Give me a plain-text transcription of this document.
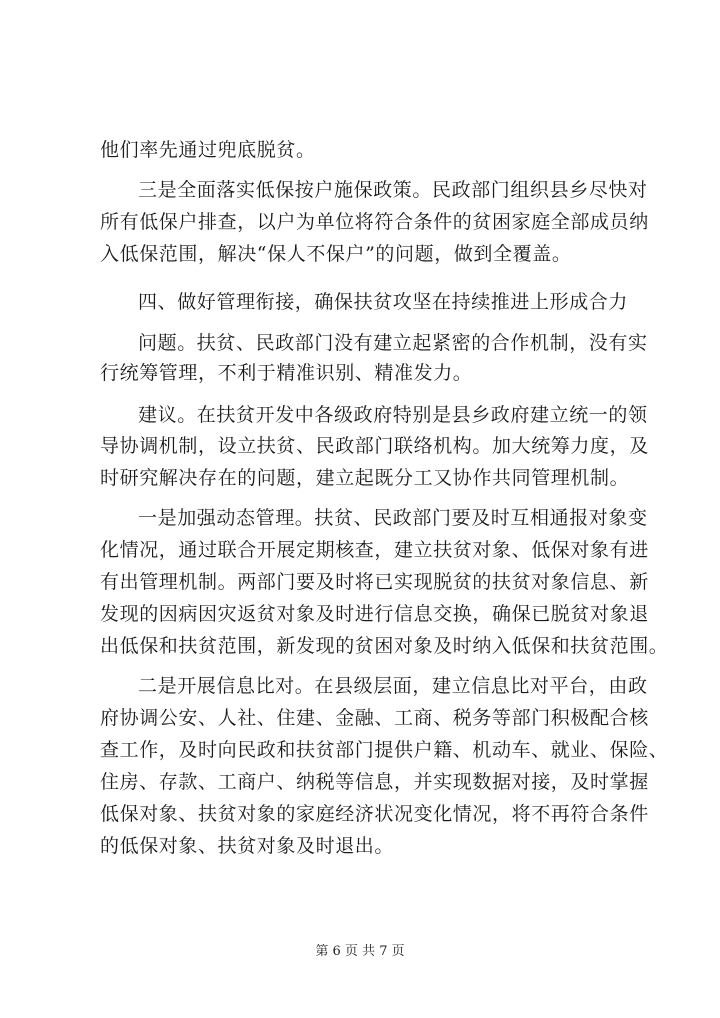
他们率先通过兜底脱贫。
三是全面落实低保按户施保政策。民政部门组织县乡尽快对
所有低保户排查，以户为单位将符合条件的贫困家庭全部成员纳
入低保范围，解决“保人不保户”的问题，做到全覆盖。
四、做好管理衔接，确保扶贫攻坚在持续推进上形成合力
问题。扶贫、民政部门没有建立起紧密的合作机制，没有实
行统筹管理，不利于精准识别、精准发力。
建议。在扶贫开发中各级政府特别是县乡政府建立统一的领
导协调机制，设立扶贫、民政部门联络机构。加大统筹力度，及
时研究解决存在的问题，建立起既分工又协作共同管理机制。
一是加强动态管理。扶贫、民政部门要及时互相通报对象变
化情况，通过联合开展定期核查，建立扶贫对象、低保对象有进
有出管理机制。两部门要及时将已实现脱贫的扶贫对象信息、新
发现的因病因灾返贫对象及时进行信息交换，确保已脱贫对象退
出低保和扶贫范围，新发现的贫困对象及时纳入低保和扶贫范围。
二是开展信息比对。在县级层面，建立信息比对平台，由政
府协调公安、人社、住建、金融、工商、税务等部门积极配合核
查工作，及时向民政和扶贫部门提供户籍、机动车、就业、保险、
住房、存款、工商户、纳税等信息，并实现数据对接，及时掌握
低保对象、扶贫对象的家庭经济状况变化情况，将不再符合条件
的低保对象、扶贫对象及时退出。
第 6 页 共 7 页
